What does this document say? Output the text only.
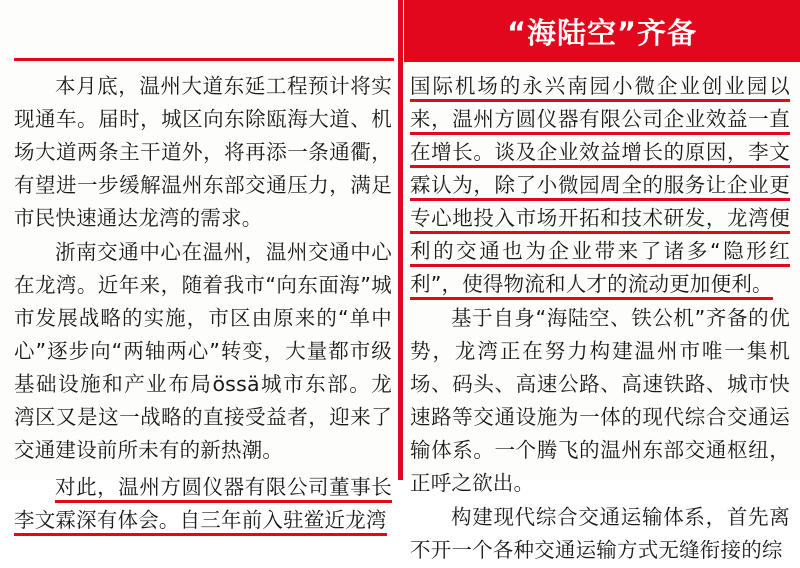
“海陆空”齐备

本月底，温州大道东延工程预计将实现通车。届时，城区向东除瓯海大道、机场大道两条主干道外，将再添一条通衢，有望进一步缓解温州东部交通压力，满足市民快速通达龙湾的需求。

浙南交通中心在温州，温州交通中心在龙湾。近年来，随着我市“向东面海”城市发展战略的实施，市区由原来的“单中心”逐步向“两轴两心”转变，大量都市级基础设施和产业布局össä城市东部。龙湾区又是这一战略的直接受益者，迎来了交通建设前所未有的新热潮。

对此，温州方圆仪器有限公司董事长李文霖深有体会。自三年前入驻鲎近龙湾

国际机场的永兴南园小微企业创业园以来，温州方圆仪器有限公司企业效益一直在增长。谈及企业效益增长的原因，李文霖认为，除了小微园周全的服务让企业更专心地投入市场开拓和技术研发，龙湾便利的交通也为企业带来了诸多“隐形红利”，使得物流和人才的流动更加便利。

基于自身“海陆空、铁公机”齐备的优势，龙湾正在努力构建温州市唯一集机场、码头、高速公路、高速铁路、城市快速路等交通设施为一体的现代综合交通运输体系。一个腾飞的温州东部交通枢纽，正呼之欲出。

构建现代综合交通运输体系，首先离不开一个各种交通运输方式无缝衔接的综
